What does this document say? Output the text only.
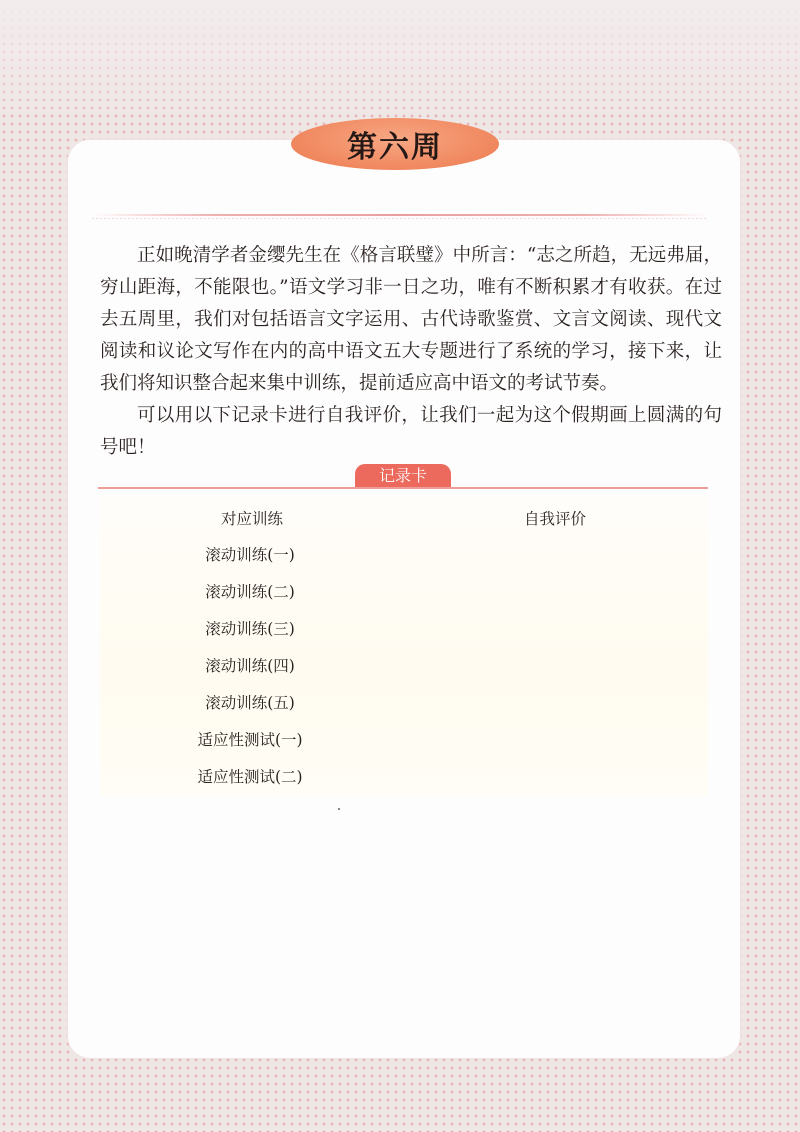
第六周

正如晚清学者金缨先生在《格言联璧》中所言：“志之所趋，无远弗届，穷山距海，不能限也。”语文学习非一日之功，唯有不断积累才有收获。在过去五周里，我们对包括语言文字运用、古代诗歌鉴赏、文言文阅读、现代文阅读和议论文写作在内的高中语文五大专题进行了系统的学习，接下来，让我们将知识整合起来集中训练，提前适应高中语文的考试节奏。

可以用以下记录卡进行自我评价，让我们一起为这个假期画上圆满的句号吧！

记录卡
对应训练	自我评价
滚动训练(一)
滚动训练(二)
滚动训练(三)
滚动训练(四)
滚动训练(五)
适应性测试(一)
适应性测试(二)
